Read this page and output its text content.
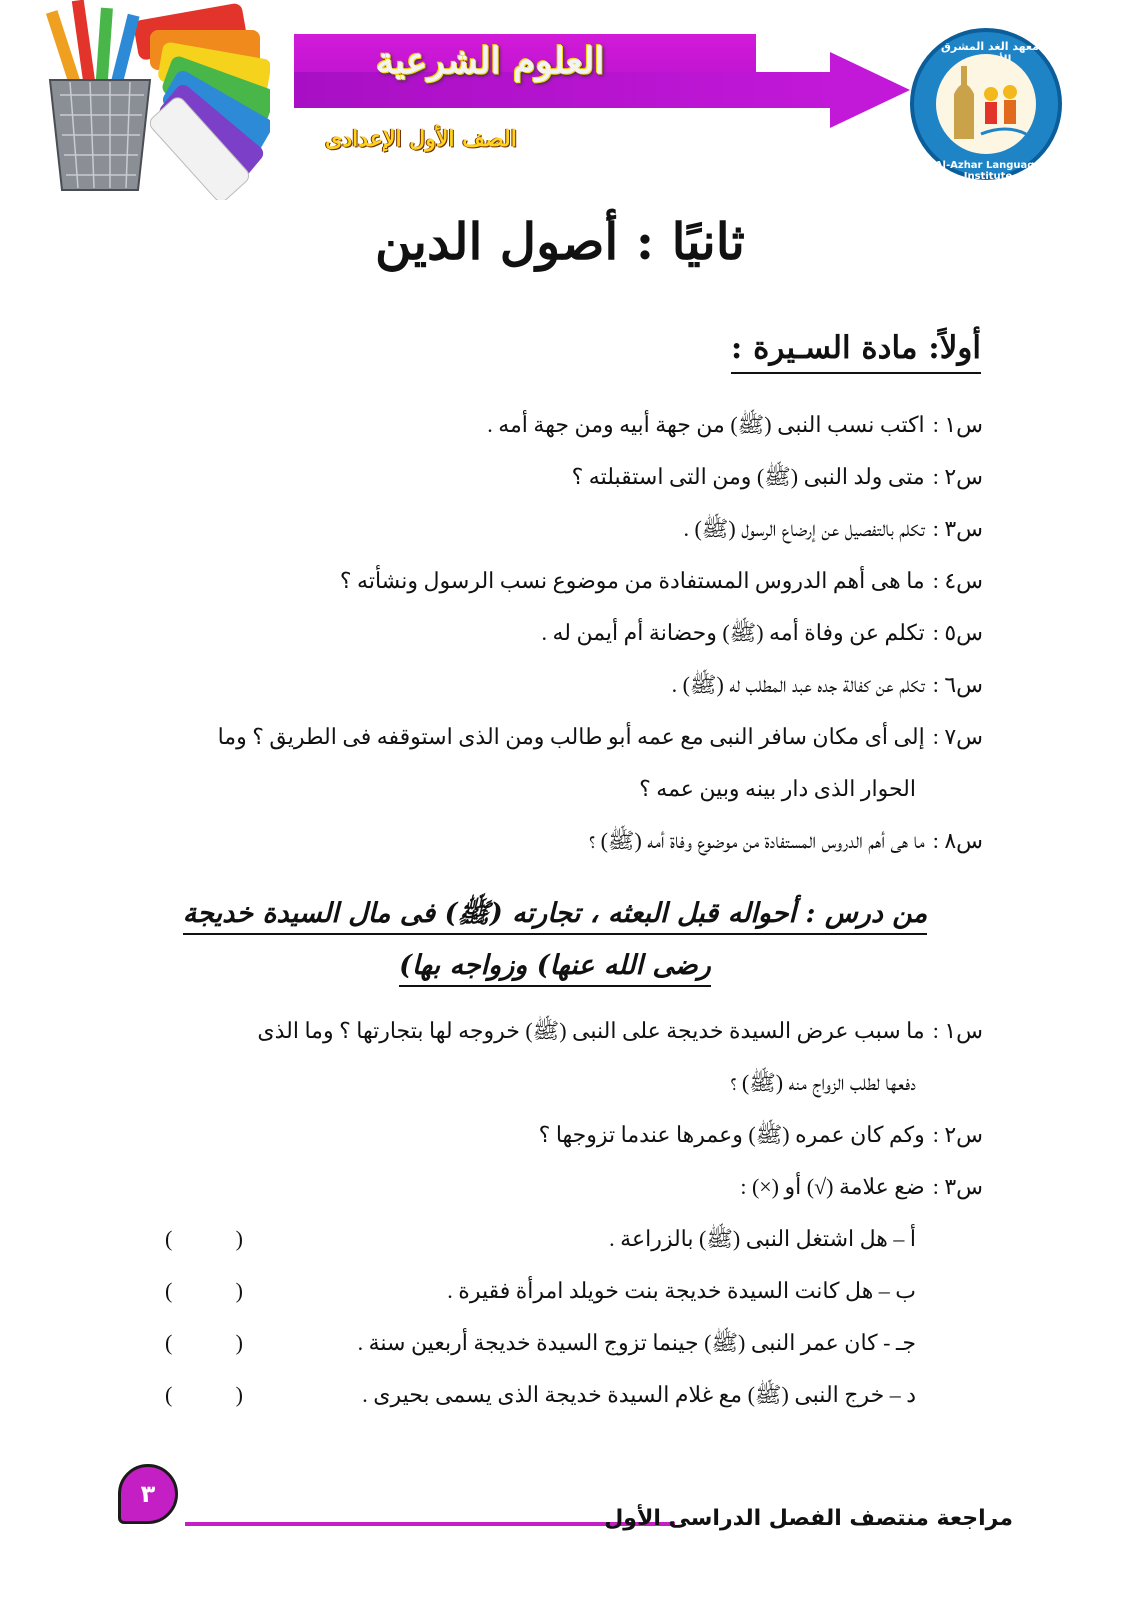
العلوم الشرعية
الصف الأول الإعدادى
معهد الغد المشرق
Al-Azhar Language Institute
ثانيًا : أصول الدين
أولاً: مادة السـيرة :
س١ :اكتب نسب النبى (ﷺ) من جهة أبيه ومن جهة أمه .
س٢ :متى ولد النبى (ﷺ) ومن التى استقبلته ؟
س٣ :تكلم بالتفصيل عن إرضاع الرسول (ﷺ) .
س٤ :ما هى أهم الدروس المستفادة من موضوع نسب الرسول ونشأته ؟
س٥ :تكلم عن وفاة أمه (ﷺ) وحضانة أم أيمن له .
س٦ :تكلم عن كفالة جده عبد المطلب له (ﷺ) .
س٧ :إلى أى مكان سافر النبى مع عمه أبو طالب ومن الذى استوقفه فى الطريق ؟ وما
الحوار الذى دار بينه وبين عمه ؟
س٨ :ما هى أهم الدروس المستفادة من موضوع وفاة أمه (ﷺ) ؟
من درس : أحواله قبل البعثه ، تجارته (ﷺ) فى مال السيدة خديجة
رضى الله عنها) وزواجه بها)
س١ :ما سبب عرض السيدة خديجة على النبى (ﷺ) خروجه لها بتجارتها ؟ وما الذى
دفعها لطلب الزواج منه (ﷺ) ؟
س٢ :وكم كان عمره (ﷺ) وعمرها عندما تزوجها ؟
س٣ :ضع علامة (√) أو (×) :
أ – هل اشتغل النبى (ﷺ) بالزراعة .
(	)
ب – هل كانت السيدة خديجة بنت خويلد امرأة فقيرة .
(	)
جـ - كان عمر النبى (ﷺ) جينما تزوج السيدة خديجة أربعين سنة .
(	)
د – خرج النبى (ﷺ) مع غلام السيدة خديجة الذى يسمى بحيرى .
(	)
مراجعة منتصف الفصل الدراسى الأول
٣
